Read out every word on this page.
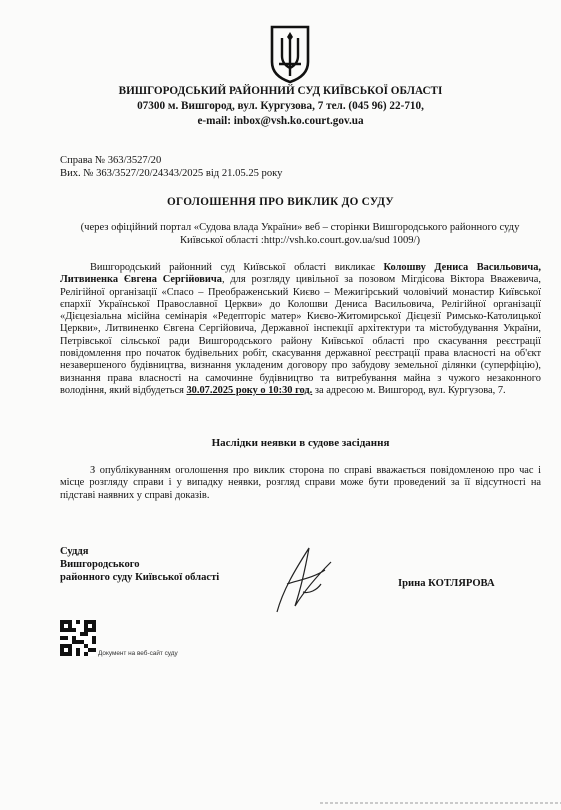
ВИШГОРОДСЬКИЙ РАЙОННИЙ СУД КИЇВСЬКОЇ ОБЛАСТІ
07300 м. Вишгород, вул. Кургузова, 7 тел. (045 96) 22-710,
e-mail: inbox@vsh.ko.court.gov.ua
Справа № 363/3527/20
Вих. № 363/3527/20/24343/2025 від 21.05.25 року
ОГОЛОШЕННЯ ПРО ВИКЛИК ДО СУДУ
(через офіційний портал «Судова влада України» веб – сторінки Вишгородського районного суду
Київської області :http://vsh.ko.court.gov.ua/sud 1009/)
Вишгородський районний суд Київської області викликає Колошву Дениса Васильовича, Литвиненка Євгена Сергійовича, для розгляду цивільної за позовом Мігдісова Віктора Вважевича, Релігійної організації «Спасо – Преображенський Києво – Межигірський чоловічий монастир Київської єпархії Української Православної Церкви» до Колошви Дениса Васильовича, Релігійної організації «Дієцезіальна місійна семінарія «Редепторіс матер» Києво-Житомирської Дієцезії Римсько-Католицької Церкви», Литвиненко Євгена Сергійовича, Державної інспекції архітектури та містобудування України, Петрівської сільської ради Вишгородського району Київської області про скасування реєстрації повідомлення про початок будівельних робіт, скасування державної реєстрації права власності на об'єкт незавершеного будівництва, визнання укладеним договору про забудову земельної ділянки (суперфіцію), визнання права власності на самочинне будівництво та витребування майна з чужого незаконного володіння, який відбудеться 30.07.2025 року о 10:30 год. за адресою м. Вишгород, вул. Кургузова, 7.
Наслідки неявки в судове засідання
З опублікуванням оголошення про виклик сторона по справі вважається повідомленою про час і місце розгляду справи і у випадку неявки, розгляд справи може бути проведений за її відсутності на підставі наявних у справі доказів.
Суддя
Вишгородського
районного суду Київської області
Ірина КОТЛЯРОВА
Документ на веб-сайт суду
